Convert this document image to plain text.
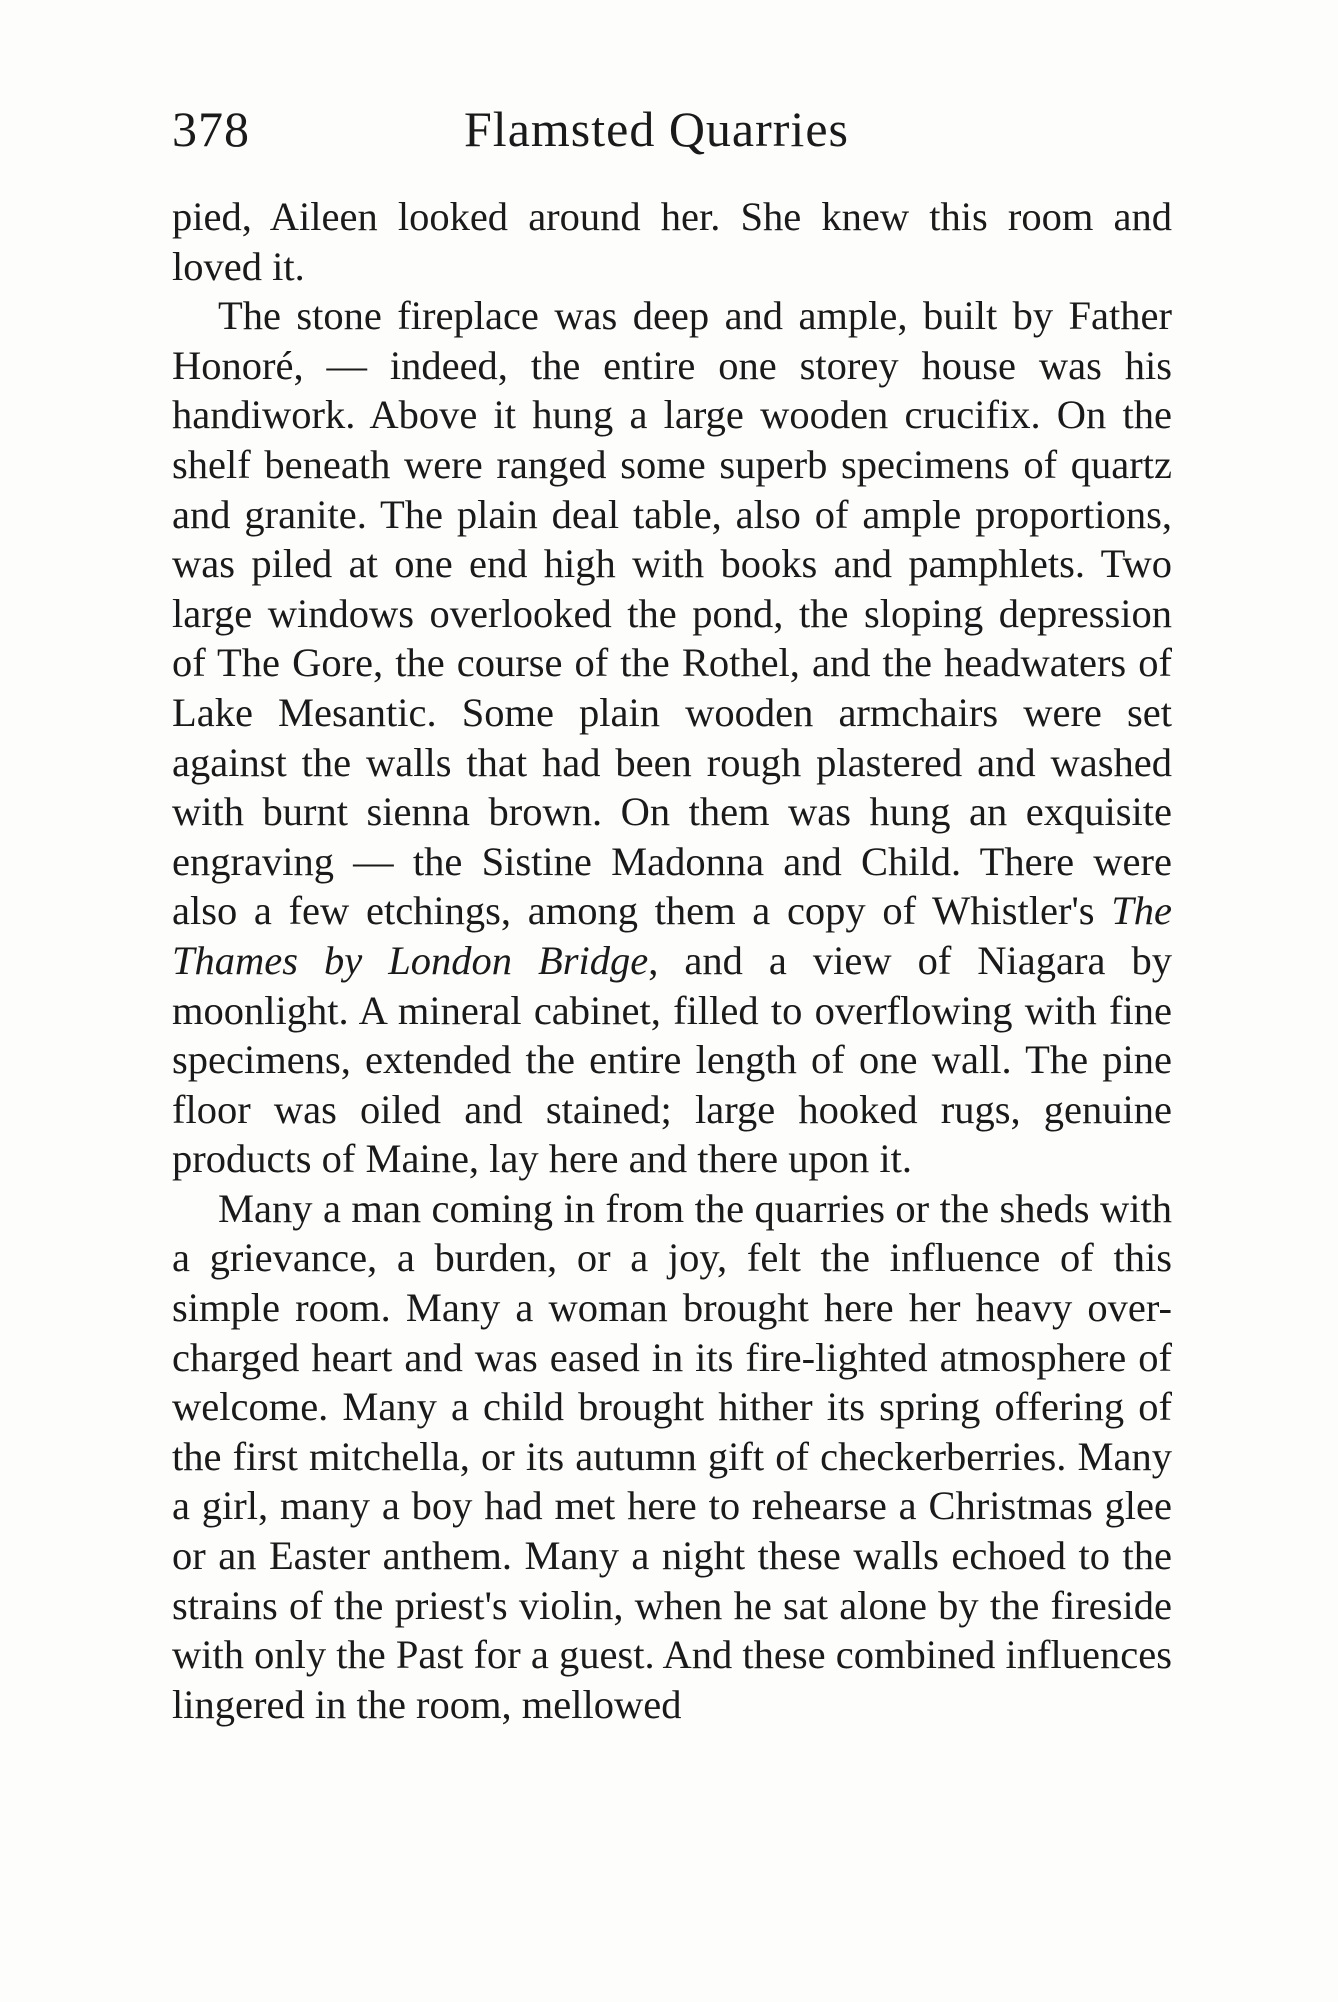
378	Flamsted Quarries

pied, Aileen looked around her. She knew this room and loved it.

The stone fireplace was deep and ample, built by Father Honoré, — indeed, the entire one storey house was his handiwork. Above it hung a large wooden crucifix. On the shelf beneath were ranged some superb specimens of quartz and granite. The plain deal table, also of ample proportions, was piled at one end high with books and pamphlets. Two large windows overlooked the pond, the sloping depression of The Gore, the course of the Rothel, and the headwaters of Lake Mesantic. Some plain wooden armchairs were set against the walls that had been rough plastered and washed with burnt sienna brown. On them was hung an exquisite engraving — the Sistine Madonna and Child. There were also a few etchings, among them a copy of Whistler's The Thames by London Bridge, and a view of Niagara by moonlight. A mineral cabinet, filled to overflowing with fine specimens, extended the entire length of one wall. The pine floor was oiled and stained; large hooked rugs, genuine products of Maine, lay here and there upon it.

Many a man coming in from the quarries or the sheds with a grievance, a burden, or a joy, felt the influence of this simple room. Many a woman brought here her heavy over-charged heart and was eased in its fire-lighted atmosphere of welcome. Many a child brought hither its spring offering of the first mitchella, or its autumn gift of checkerberries. Many a girl, many a boy had met here to rehearse a Christmas glee or an Easter anthem. Many a night these walls echoed to the strains of the priest's violin, when he sat alone by the fireside with only the Past for a guest. And these combined influences lingered in the room, mellowed
